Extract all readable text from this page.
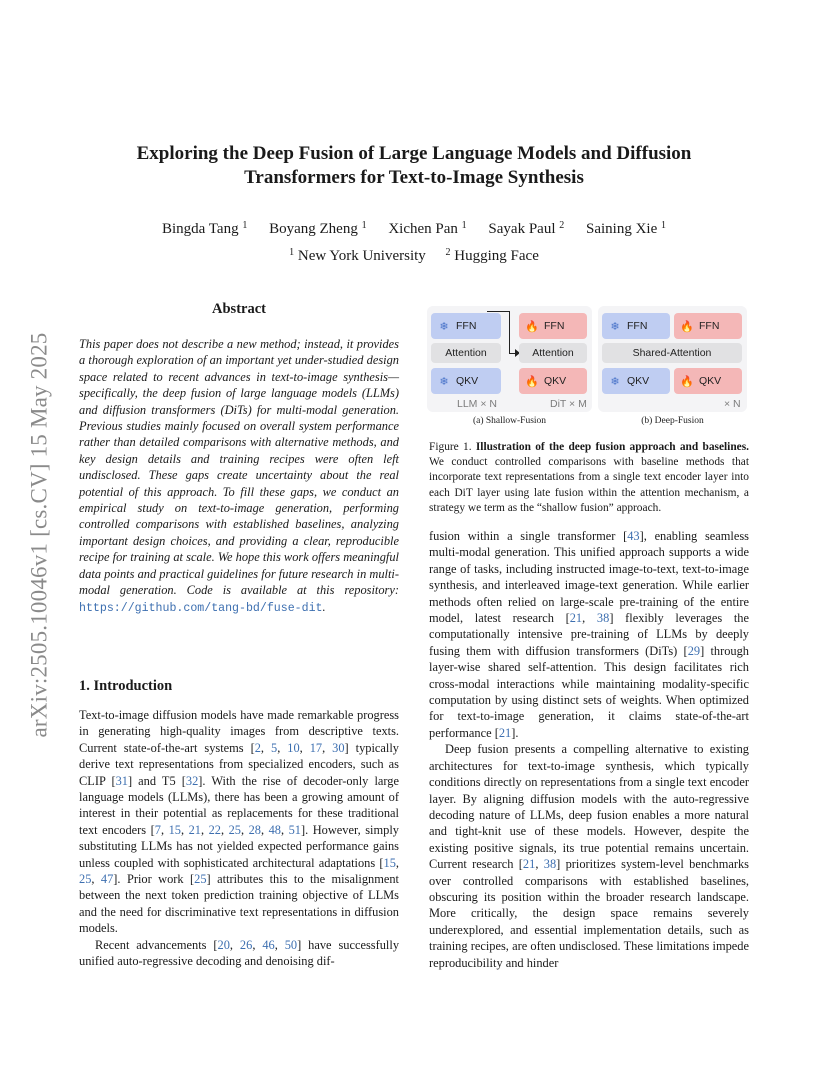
arXiv:2505.10046v1 [cs.CV] 15 May 2025
Exploring the Deep Fusion of Large Language Models and Diffusion
Transformers for Text-to-Image Synthesis
Bingda Tang $^1$ Boyang Zheng $^1$ Xichen Pan $^1$ Sayak Paul $^2$ Saining Xie $^1$
$^1$ New York University $^2$ Hugging Face
Abstract
This paper does not describe a new method; instead, it provides a thorough exploration of an important yet under-studied design space related to recent advances in text-to-image synthesis—specifically, the deep fusion of large language models (LLMs) and diffusion transformers (DiTs) for multi-modal generation. Previous studies mainly focused on overall system performance rather than detailed comparisons with alternative methods, and key design details and training recipes were often left undisclosed. These gaps create uncertainty about the real potential of this approach. To fill these gaps, we conduct an empirical study on text-to-image generation, performing controlled comparisons with established baselines, analyzing important design choices, and providing a clear, reproducible recipe for training at scale. We hope this work offers meaningful data points and practical guidelines for future research in multi-modal generation. Code is available at this repository: https://github.com/tang-bd/fuse-dit.
1. Introduction

Text-to-image diffusion models have made remarkable progress in generating high-quality images from descriptive texts. Current state-of-the-art systems [2, 5, 10, 17, 30] typically derive text representations from specialized encoders, such as CLIP [31] and T5 [32]. With the rise of decoder-only large language models (LLMs), there has been a growing amount of interest in their potential as replacements for these traditional text encoders [7, 15, 21, 22, 25, 28, 48, 51]. However, simply substituting LLMs has not yielded expected performance gains unless coupled with sophisticated architectural adaptations [15, 25, 47]. Prior work [25] attributes this to the misalignment between the next token prediction training objective of LLMs and the need for discriminative text representations in diffusion models.

Recent advancements [20, 26, 46, 50] have successfully unified auto-regressive decoding and denoising dif-

❄ FFN
Attention
❄ QKV
LLM × N
🔥 FFN
Attention
🔥 QKV
DiT × M
❄ FFN	🔥 FFN
Shared-Attention
❄ QKV	🔥 QKV
× N
(a) Shallow-Fusion	(b) Deep-Fusion
Figure 1. Illustration of the deep fusion approach and baselines. We conduct controlled comparisons with baseline methods that incorporate text representations from a single text encoder layer into each DiT layer using late fusion within the attention mechanism, a strategy we term as the “shallow fusion” approach.

fusion within a single transformer [43], enabling seamless multi-modal generation. This unified approach supports a wide range of tasks, including instructed image-to-text, text-to-image synthesis, and interleaved image-text generation. While earlier methods often relied on large-scale pre-training of the entire model, latest research [21, 38] flexibly leverages the computationally intensive pre-training of LLMs by deeply fusing them with diffusion transformers (DiTs) [29] through layer-wise shared self-attention. This design facilitates rich cross-modal interactions while maintaining modality-specific computation by using distinct sets of weights. When optimized for text-to-image generation, it claims state-of-the-art performance [21].

Deep fusion presents a compelling alternative to existing architectures for text-to-image synthesis, which typically conditions directly on representations from a single text encoder layer. By aligning diffusion models with the auto-regressive decoding nature of LLMs, deep fusion enables a more natural and tight-knit use of these models. However, despite the existing positive signals, its true potential remains uncertain. Current research [21, 38] prioritizes system-level benchmarks over controlled comparisons with established baselines, obscuring its position within the broader research landscape. More critically, the design space remains severely underexplored, and essential implementation details, such as training recipes, are often undisclosed. These limitations impede reproducibility and hinder
